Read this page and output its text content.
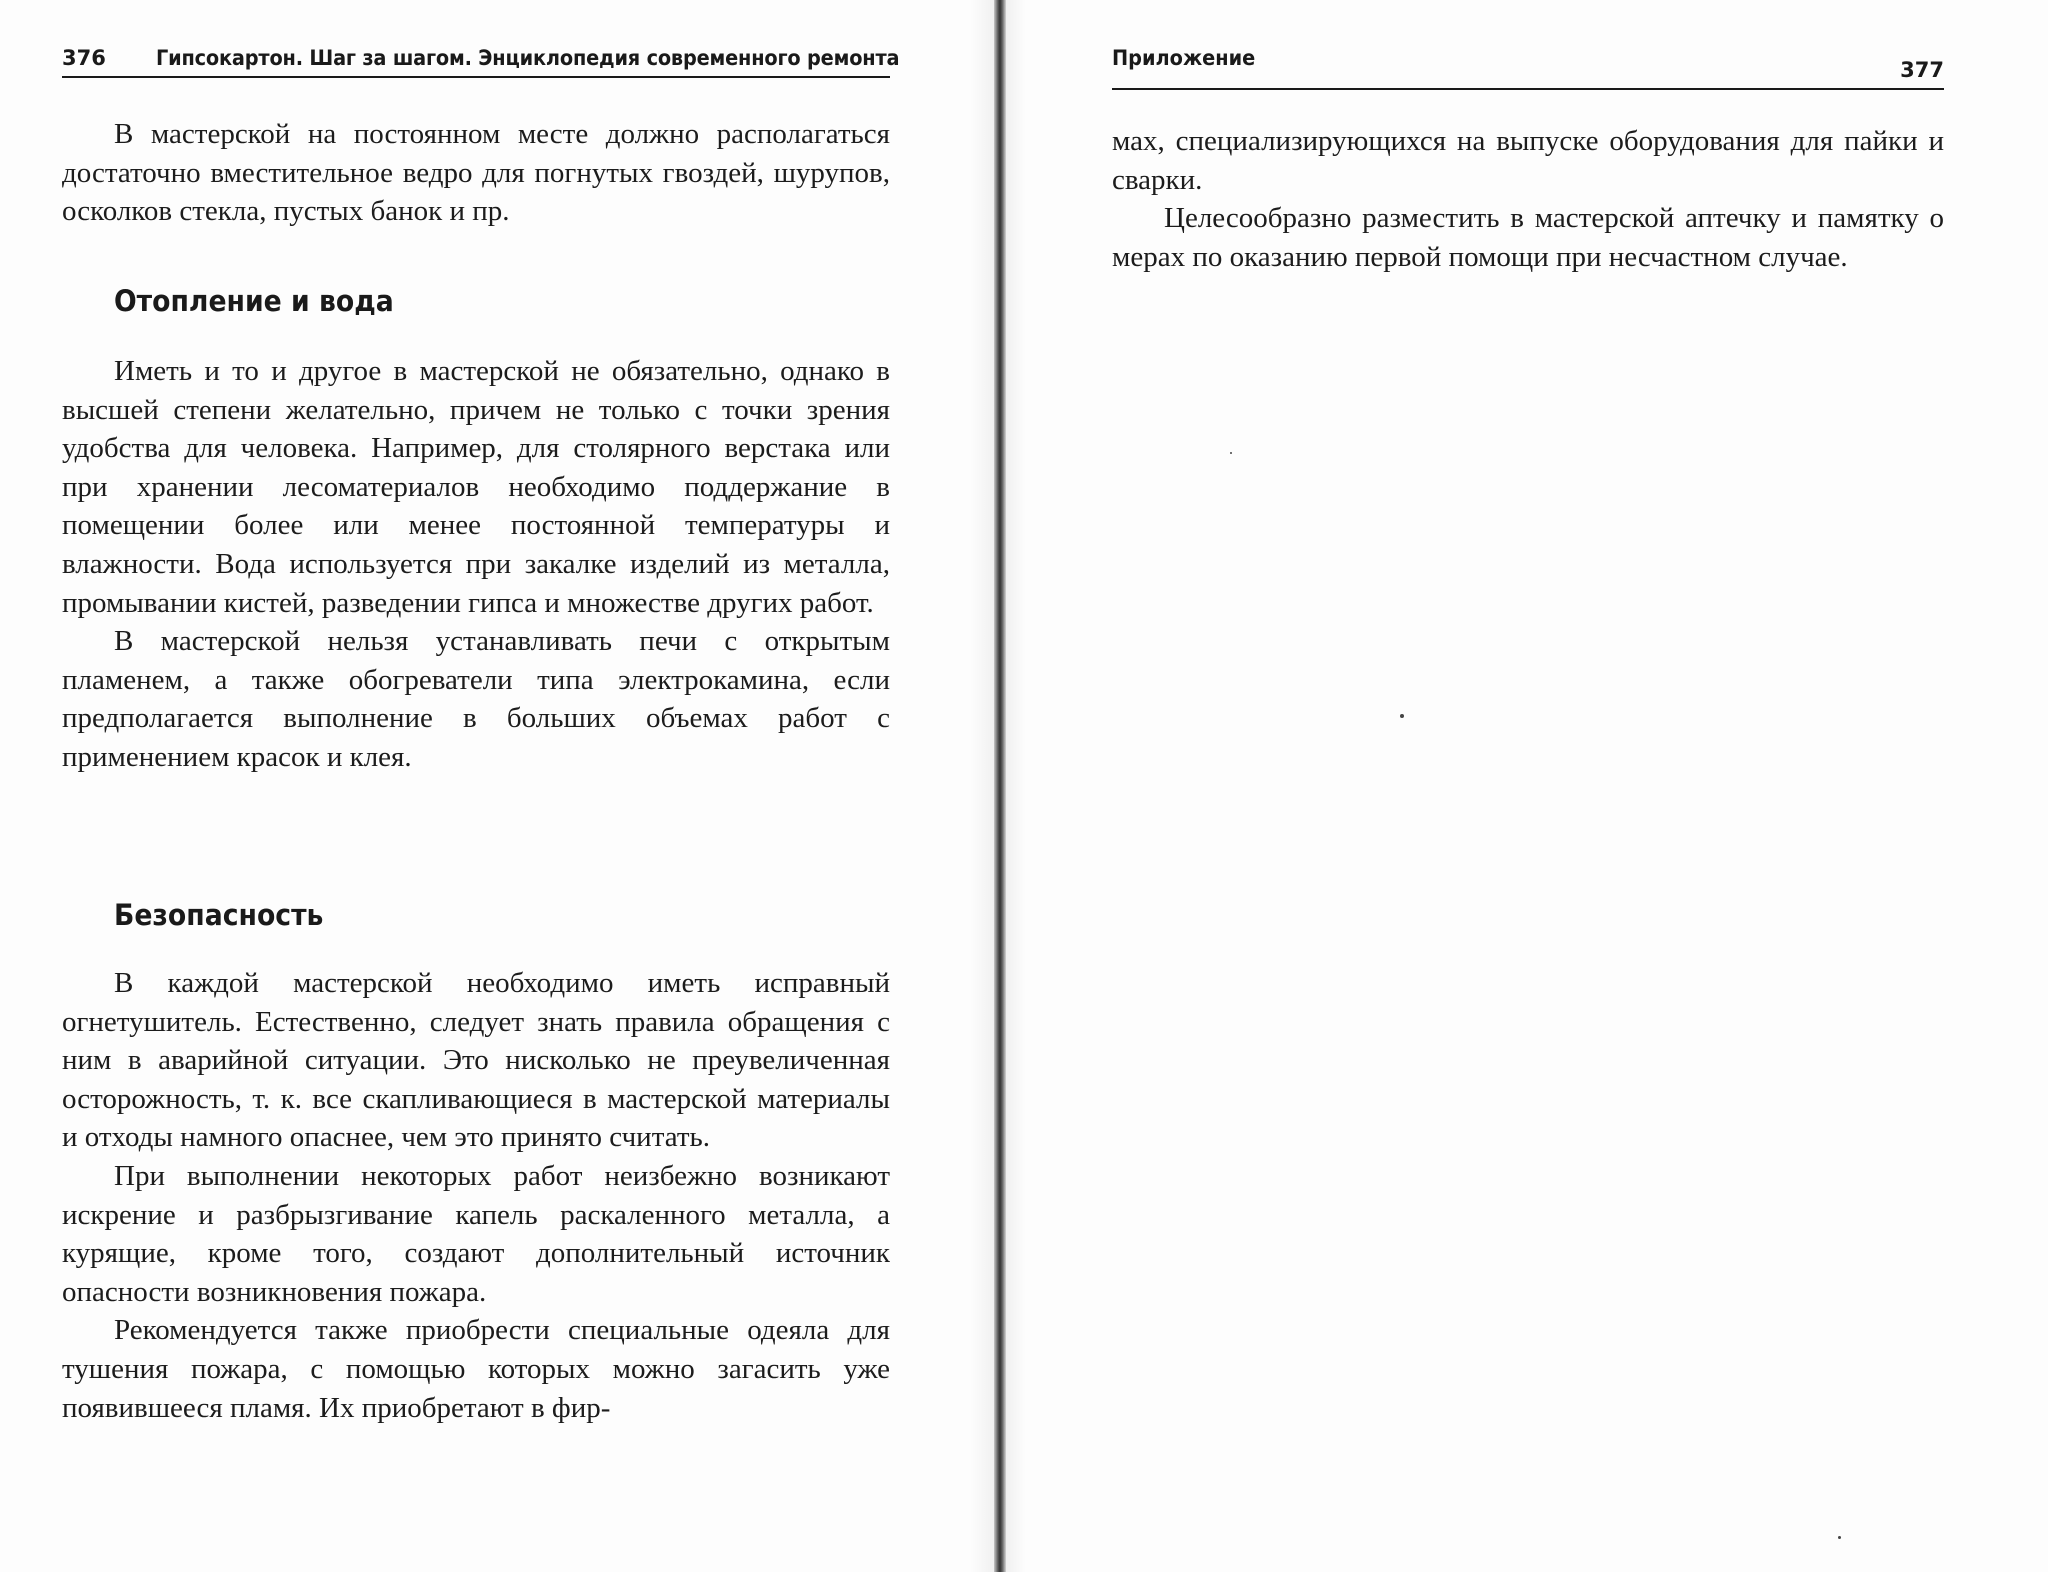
376 Гипсокартон. Шаг за шагом. Энциклопедия современного ремонта

В мастерской на постоянном месте должно располагаться достаточно вместительное ведро для погнутых гвоздей, шурупов, осколков стекла, пустых банок и пр.

Отопление и вода

Иметь и то и другое в мастерской не обязательно, однако в высшей степени желательно, причем не только с точки зрения удобства для человека. Например, для столярного верстака или при хранении лесоматериалов необходимо поддержание в помещении более или менее постоянной температуры и влажности. Вода используется при закалке изделий из металла, промывании кистей, разведении гипса и множестве других работ.

В мастерской нельзя устанавливать печи с открытым пламенем, а также обогреватели типа электрокамина, если предполагается выполнение в больших объемах работ с применением красок и клея.

Безопасность

В каждой мастерской необходимо иметь исправный огнетушитель. Естественно, следует знать правила обращения с ним в аварийной ситуации. Это нисколько не преувеличенная осторожность, т. к. все скапливающиеся в мастерской материалы и отходы намного опаснее, чем это принято считать.

При выполнении некоторых работ неизбежно возникают искрение и разбрызгивание капель раскаленного металла, а курящие, кроме того, создают дополнительный источник опасности возникновения пожара.

Рекомендуется также приобрести специальные одеяла для тушения пожара, с помощью которых можно загасить уже появившееся пламя. Их приобретают в фир-

Приложение	377

мах, специализирующихся на выпуске оборудования для пайки и сварки.

Целесообразно разместить в мастерской аптечку и памятку о мерах по оказанию первой помощи при несчастном случае.
